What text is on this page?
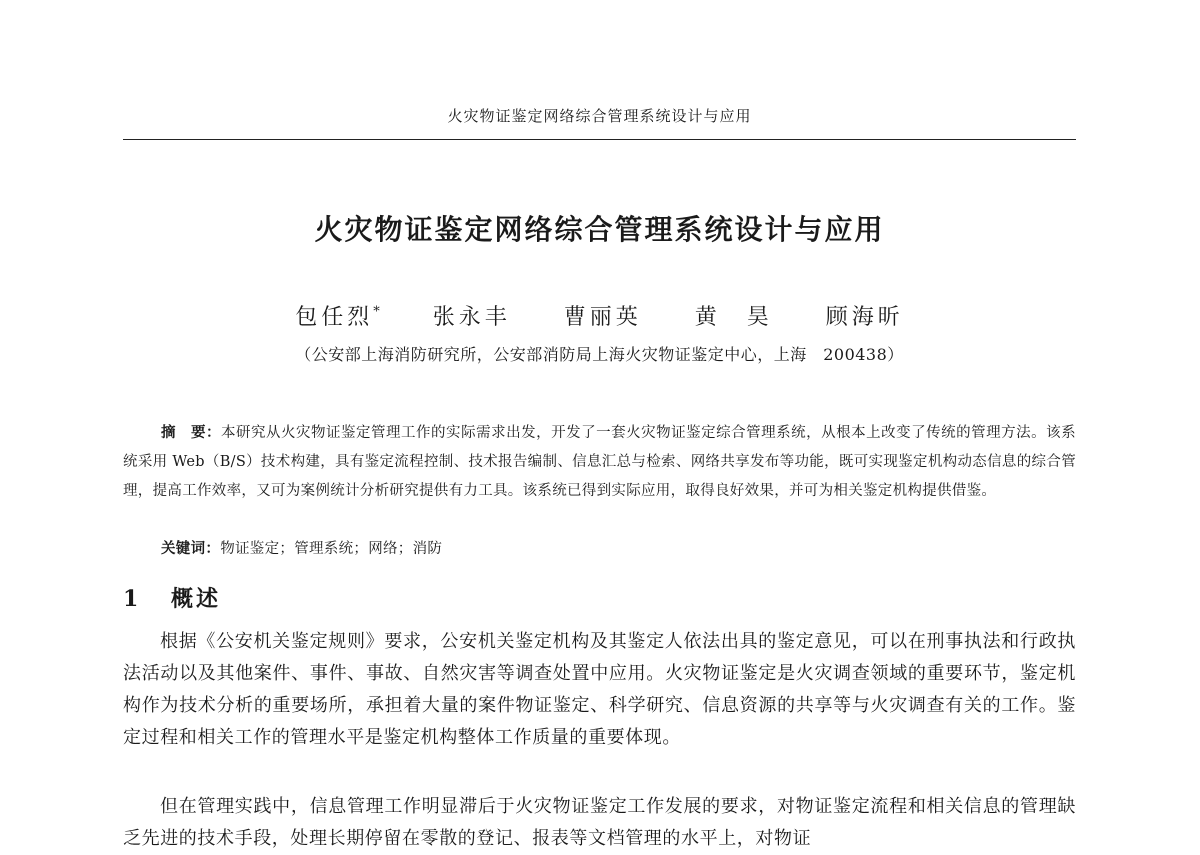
火灾物证鉴定网络综合管理系统设计与应用
火灾物证鉴定网络综合管理系统设计与应用
包任烈* 张永丰 曹丽英 黄　昊 顾海昕
（公安部上海消防研究所，公安部消防局上海火灾物证鉴定中心，上海　200438）
摘　要：本研究从火灾物证鉴定管理工作的实际需求出发，开发了一套火灾物证鉴定综合管理系统，从根本上改变了传统的管理方法。该系统采用 Web（B/S）技术构建，具有鉴定流程控制、技术报告编制、信息汇总与检索、网络共享发布等功能，既可实现鉴定机构动态信息的综合管理，提高工作效率，又可为案例统计分析研究提供有力工具。该系统已得到实际应用，取得良好效果，并可为相关鉴定机构提供借鉴。
关键词：物证鉴定；管理系统；网络；消防
1 概述
根据《公安机关鉴定规则》要求，公安机关鉴定机构及其鉴定人依法出具的鉴定意见，可以在刑事执法和行政执法活动以及其他案件、事件、事故、自然灾害等调查处置中应用。火灾物证鉴定是火灾调查领域的重要环节，鉴定机构作为技术分析的重要场所，承担着大量的案件物证鉴定、科学研究、信息资源的共享等与火灾调查有关的工作。鉴定过程和相关工作的管理水平是鉴定机构整体工作质量的重要体现。
但在管理实践中，信息管理工作明显滞后于火灾物证鉴定工作发展的要求，对物证鉴定流程和相关信息的管理缺乏先进的技术手段，处理长期停留在零散的登记、报表等文档管理的水平上，对物证
